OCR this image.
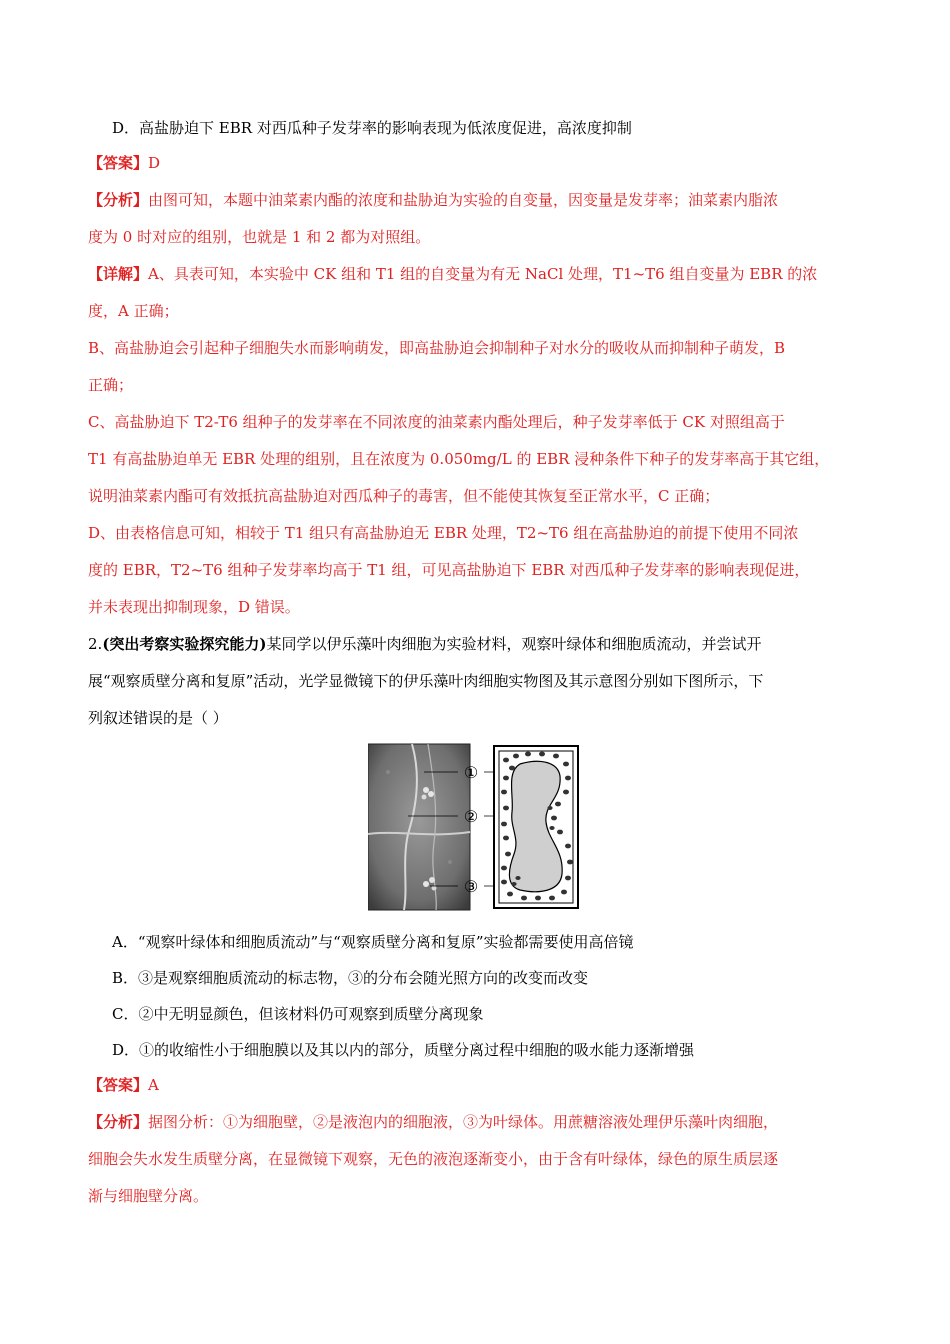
D．高盐胁迫下 EBR 对西瓜种子发芽率的影响表现为低浓度促进，高浓度抑制
【答案】D
【分析】由图可知，本题中油菜素内酯的浓度和盐胁迫为实验的自变量，因变量是发芽率；油菜素内脂浓
度为 0 时对应的组别，也就是 1 和 2 都为对照组。
【详解】A、具表可知，本实验中 CK 组和 T1 组的自变量为有无 NaCl 处理，T1~T6 组自变量为 EBR 的浓
度，A 正确；
B、高盐胁迫会引起种子细胞失水而影响萌发，即高盐胁迫会抑制种子对水分的吸收从而抑制种子萌发，B
正确；
C、高盐胁迫下 T2-T6 组种子的发芽率在不同浓度的油菜素内酯处理后，种子发芽率低于 CK 对照组高于
T1 有高盐胁迫单无 EBR 处理的组别，且在浓度为 0.050mg/L 的 EBR 浸种条件下种子的发芽率高于其它组，
说明油菜素内酯可有效抵抗高盐胁迫对西瓜种子的毒害，但不能使其恢复至正常水平，C 正确；
D、由表格信息可知，相较于 T1 组只有高盐胁迫无 EBR 处理，T2~T6 组在高盐胁迫的前提下使用不同浓
度的 EBR，T2~T6 组种子发芽率均高于 T1 组，可见高盐胁迫下 EBR 对西瓜种子发芽率的影响表现促进，
并未表现出抑制现象，D 错误。
2.(突出考察实验探究能力)某同学以伊乐藻叶肉细胞为实验材料，观察叶绿体和细胞质流动，并尝试开
展“观察质壁分离和复原”活动，光学显微镜下的伊乐藻叶肉细胞实物图及其示意图分别如下图所示，下
列叙述错误的是（ ）
①
②
③
A．“观察叶绿体和细胞质流动”与“观察质壁分离和复原”实验都需要使用高倍镜
B．③是观察细胞质流动的标志物，③的分布会随光照方向的改变而改变
C．②中无明显颜色，但该材料仍可观察到质壁分离现象
D．①的收缩性小于细胞膜以及其以内的部分，质壁分离过程中细胞的吸水能力逐渐增强
【答案】A
【分析】据图分析：①为细胞壁，②是液泡内的细胞液，③为叶绿体。用蔗糖溶液处理伊乐藻叶肉细胞，
细胞会失水发生质壁分离，在显微镜下观察，无色的液泡逐渐变小，由于含有叶绿体，绿色的原生质层逐
渐与细胞壁分离。
